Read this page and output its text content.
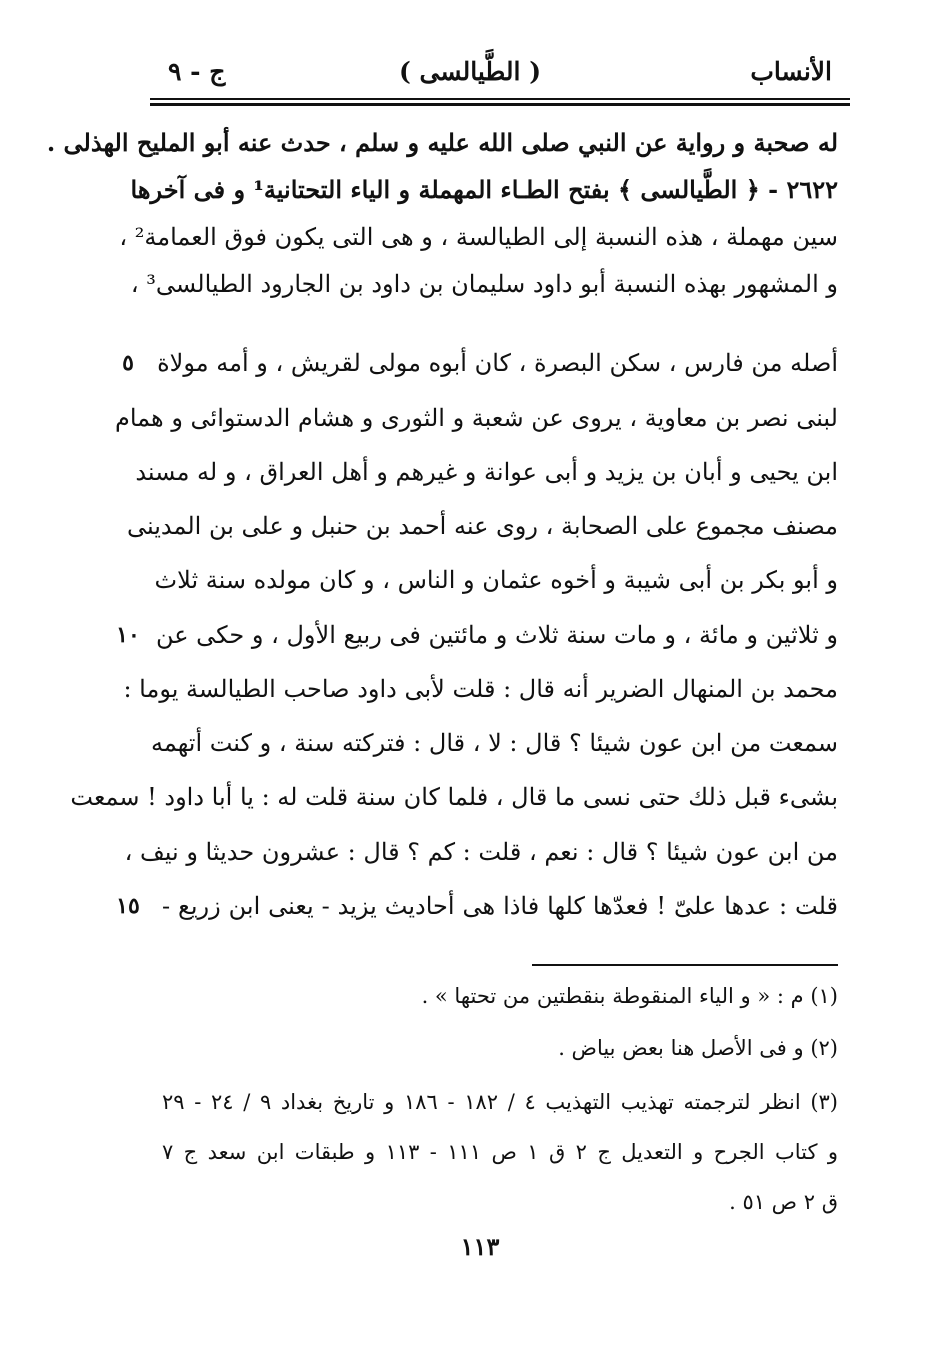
الأنساب
( الطَّيالسى )
ج - ٩
له صحبة و رواية عن النبي صلى الله عليه و سلم ، حدث عنه أبو المليح الهذلى .
٢٦٢٢ - ﴿ الطَّيالسى ﴾ بفتح الطـاء المهملة و الياء التحتانية¹ و فى آخرها
سين مهملة ، هذه النسبة إلى الطيالسة ، و هى التى يكون فوق العمامة² ،
و المشهور بهذه النسبة أبو داود سليمان بن داود بن الجارود الطيالسى³ ،
أصله من فارس ، سكن البصرة ، كان أبوه مولى لقريش ، و أمه مولاة
لبنى نصر بن معاوية ، يروى عن شعبة و الثورى و هشام الدستوائى و همام
ابن يحيى و أبان بن يزيد و أبى عوانة و غيرهم و أهل العراق ، و له مسند
مصنف مجموع على الصحابة ، روى عنه أحمد بن حنبل و على بن المدينى
و أبو بكر بن أبى شيبة و أخوه عثمان و الناس ، و كان مولده سنة ثلاث
و ثلاثين و مائة ، و مات سنة ثلاث و مائتين فى ربيع الأول ، و حكى عن
محمد بن المنهال الضرير أنه قال : قلت لأبى داود صاحب الطيالسة يوما :
سمعت من ابن عون شيئا ؟ قال : لا ، قال : فتركته سنة ، و كنت أتهمه
بشىء قبل ذلك حتى نسى ما قال ، فلما كان سنة قلت له : يا أبا داود ! سمعت
من ابن عون شيئا ؟ قال : نعم ، قلت : كم ؟ قال : عشرون حديثا و نيف ،
قلت : عدها علىّ ! فعدّها كلها فاذا هى أحاديث يزيد - يعنى ابن زريع -
٥
١٠
١٥
(١) م : « و الياء المنقوطة بنقطتين من تحتها » .
(٢) و فى الأصل هنا بعض بياض .
(٣) انظر لترجمته تهذيب التهذيب ٤ / ١٨٢ - ١٨٦ و تاريخ بغداد ٩ / ٢٤ - ٢٩
و كتاب الجرح و التعديل ج ٢ ق ١ ص ١١١ - ١١٣ و طبقات ابن سعد ج ٧
ق ٢ ص ٥١ .
١١٣
